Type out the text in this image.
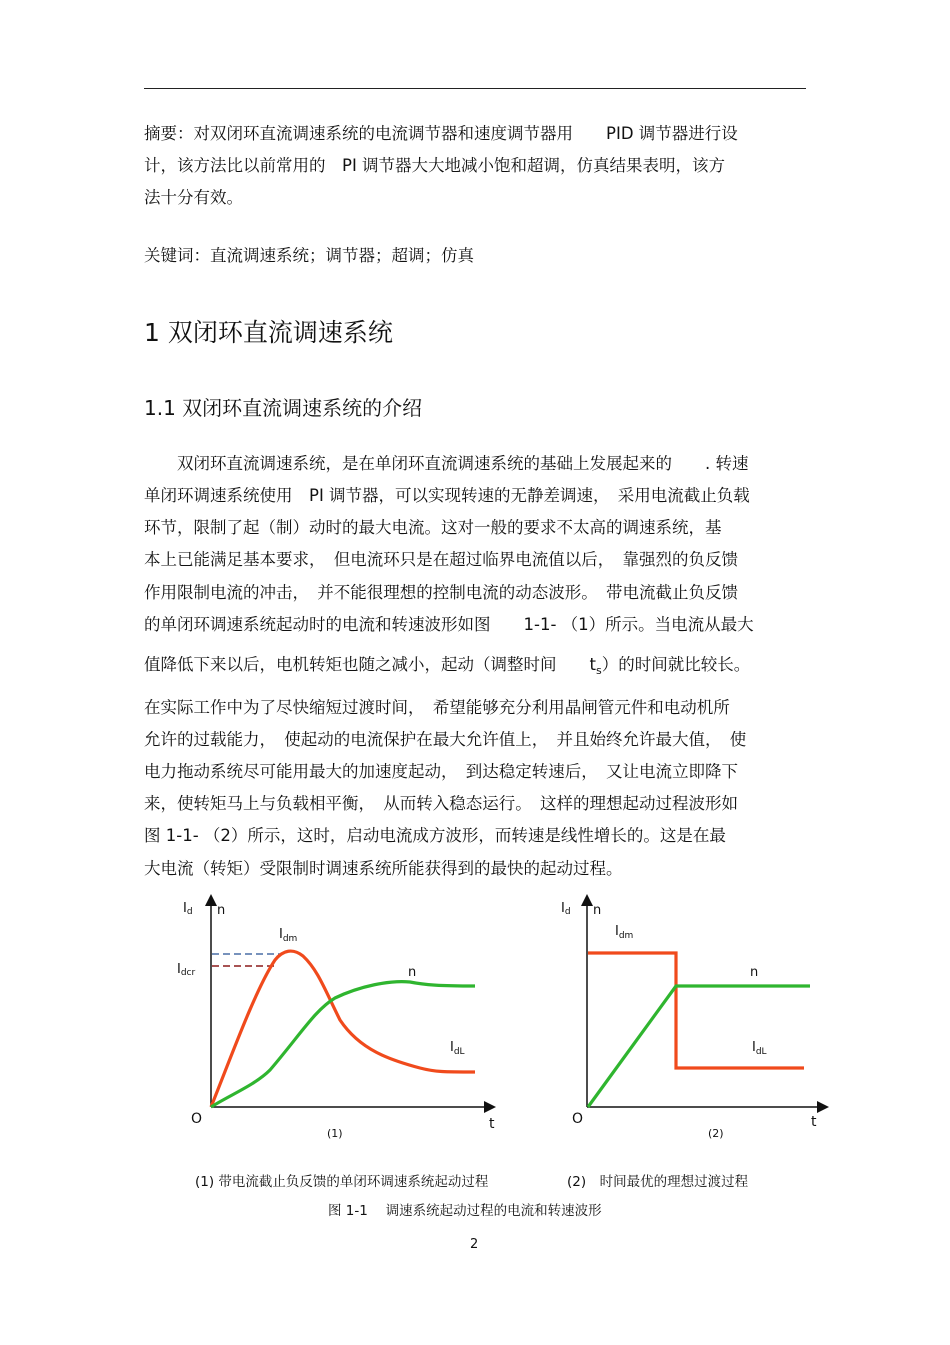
摘要：对双闭环直流调速系统的电流调节器和速度调节器用　　PID 调节器进行设
计，该方法比以前常用的　PI 调节器大大地减小饱和超调，仿真结果表明，该方
法十分有效。
关键词：直流调速系统；调节器；超调；仿真
1 双闭环直流调速系统
1.1 双闭环直流调速系统的介绍
　　双闭环直流调速系统，是在单闭环直流调速系统的基础上发展起来的　　. 转速
单闭环调速系统使用　PI 调节器，可以实现转速的无静差调速，　采用电流截止负载
环节，限制了起（制）动时的最大电流。这对一般的要求不太高的调速系统，基
本上已能满足基本要求，　但电流环只是在超过临界电流值以后，　靠强烈的负反馈
作用限制电流的冲击，　并不能很理想的控制电流的动态波形。　带电流截止负反馈
的单闭环调速系统起动时的电流和转速波形如图　　1-1- （1）所示。当电流从最大
值降低下来以后，电机转矩也随之减小，起动（调整时间　　$t_s$）的时间就比较长。
在实际工作中为了尽快缩短过渡时间，　希望能够充分利用晶闸管元件和电动机所
允许的过载能力，　使起动的电流保护在最大允许值上，　并且始终允许最大值，　使
电力拖动系统尽可能用最大的加速度起动，　到达稳定转速后，　又让电流立即降下
来，使转矩马上与负载相平衡，　从而转入稳态运行。　这样的理想起动过程波形如
图 1-1- （2）所示，这时，启动电流成方波形，而转速是线性增长的。这是在最
大电流（转矩）受限制时调速系统所能获得到的最快的起动过程。
Id n
$I_{dm}$
Idcr	n
$I_{dL}$
O	t
(1)
Id n
$I_{dm}$
n
$I_{dL}$
O	t
(2)
(1) 带电流截止负反馈的单闭环调速系统起动过程	(2)　时间最优的理想过渡过程
图 1-1　 调速系统起动过程的电流和转速波形
2
